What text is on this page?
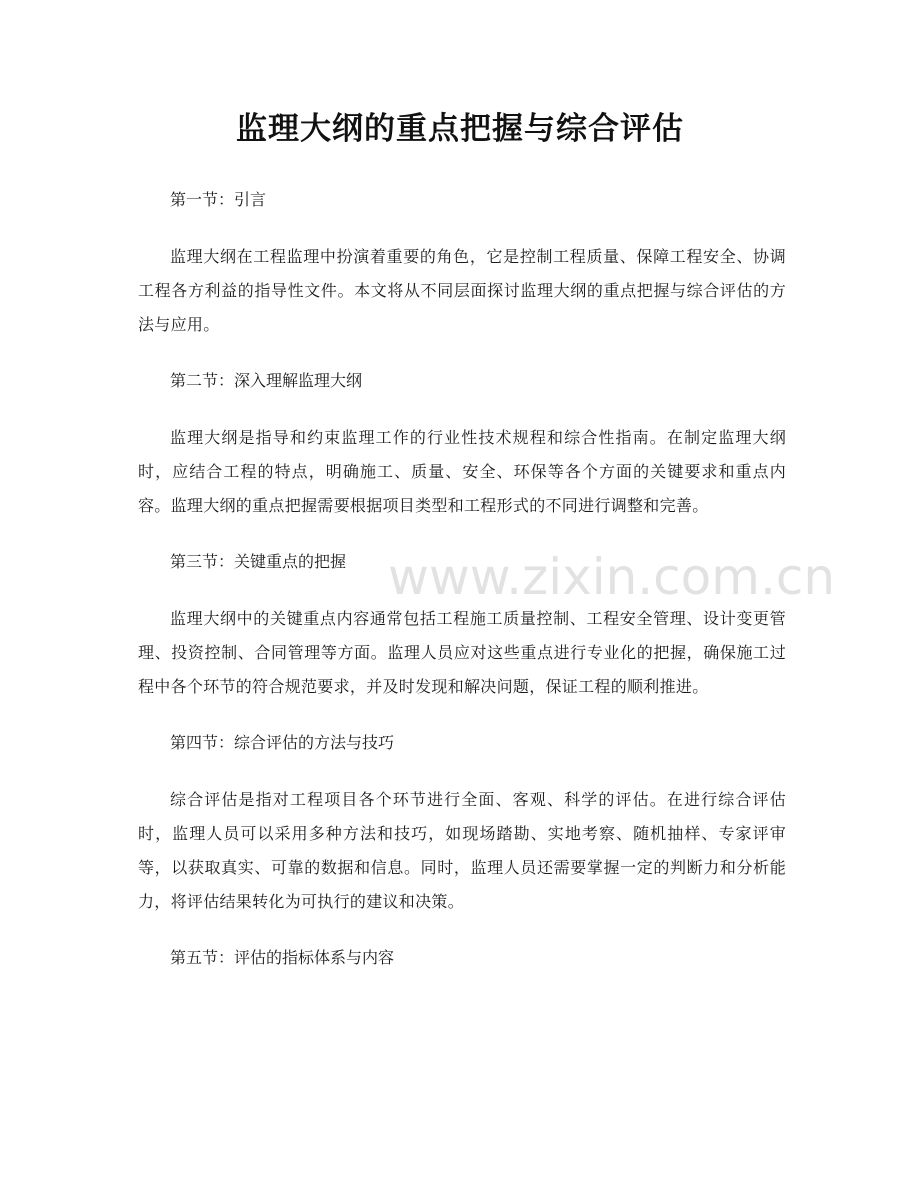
监理大纲的重点把握与综合评估

第一节：引言

监理大纲在工程监理中扮演着重要的角色，它是控制工程质量、保障工程安全、协调工程各方利益的指导性文件。本文将从不同层面探讨监理大纲的重点把握与综合评估的方法与应用。

第二节：深入理解监理大纲

监理大纲是指导和约束监理工作的行业性技术规程和综合性指南。在制定监理大纲时，应结合工程的特点，明确施工、质量、安全、环保等各个方面的关键要求和重点内容。监理大纲的重点把握需要根据项目类型和工程形式的不同进行调整和完善。

第三节：关键重点的把握

监理大纲中的关键重点内容通常包括工程施工质量控制、工程安全管理、设计变更管理、投资控制、合同管理等方面。监理人员应对这些重点进行专业化的把握，确保施工过程中各个环节的符合规范要求，并及时发现和解决问题，保证工程的顺利推进。

第四节：综合评估的方法与技巧

综合评估是指对工程项目各个环节进行全面、客观、科学的评估。在进行综合评估时，监理人员可以采用多种方法和技巧，如现场踏勘、实地考察、随机抽样、专家评审等，以获取真实、可靠的数据和信息。同时，监理人员还需要掌握一定的判断力和分析能力，将评估结果转化为可执行的建议和决策。

第五节：评估的指标体系与内容

www.zixin.com.cn
